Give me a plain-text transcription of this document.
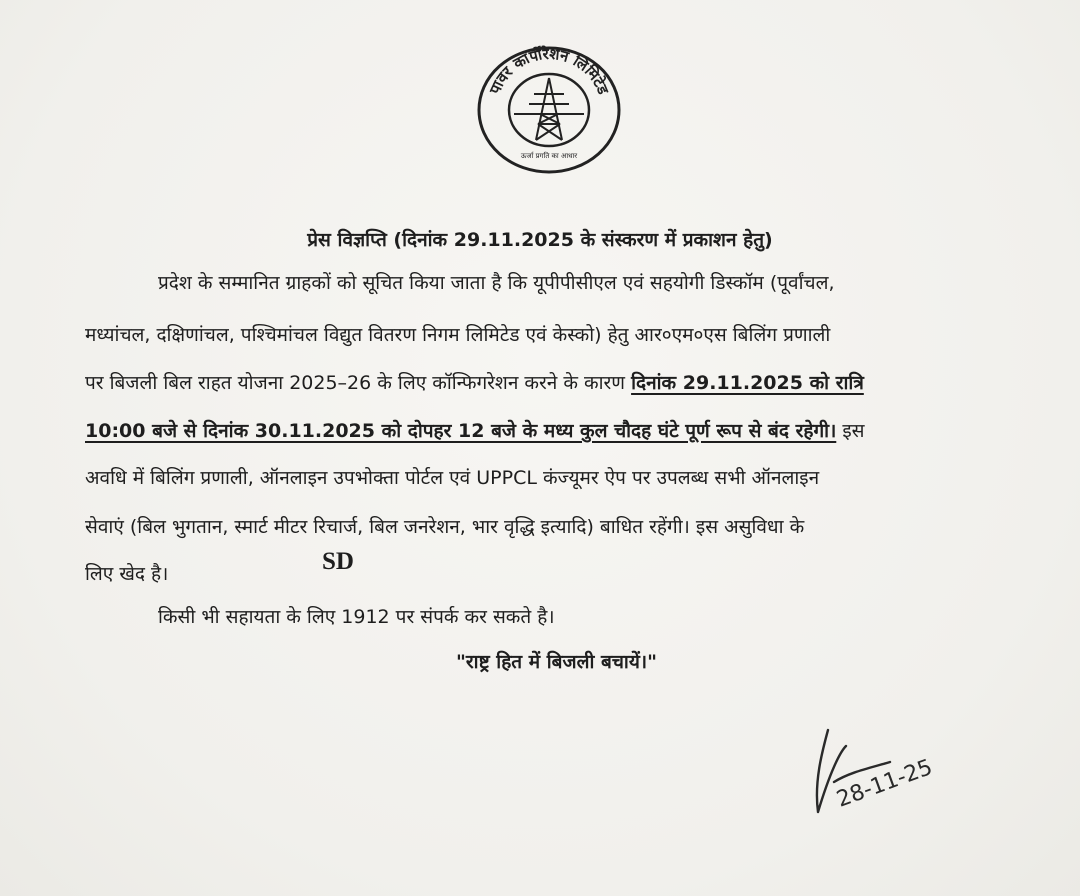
पावर कार्पोरेशन लिमिटेड
ऊर्जा प्रगति का आधार
प्रेस विज्ञप्ति (दिनांक 29.11.2025 के संस्करण में प्रकाशन हेतु)
प्रदेश के सम्मानित ग्राहकों को सूचित किया जाता है कि यूपीपीसीएल एवं सहयोगी डिस्कॉम (पूर्वांचल,
मध्यांचल, दक्षिणांचल, पश्चिमांचल विद्युत वितरण निगम लिमिटेड एवं केस्को) हेतु आर०एम०एस बिलिंग प्रणाली
पर बिजली बिल राहत योजना 2025–26 के लिए कॉन्फिगरेशन करने के कारण दिनांक 29.11.2025 को रात्रि
10:00 बजे से दिनांक 30.11.2025 को दोपहर 12 बजे के मध्य कुल चौदह घंटे पूर्ण रूप से बंद रहेगी। इस
अवधि में बिलिंग प्रणाली, ऑनलाइन उपभोक्ता पोर्टल एवं UPPCL कंज्यूमर ऐप पर उपलब्ध सभी ऑनलाइन
सेवाएं (बिल भुगतान, स्मार्ट मीटर रिचार्ज, बिल जनरेशन, भार वृद्धि इत्यादि) बाधित रहेंगी। इस असुविधा के
लिए खेद है।	SD
किसी भी सहायता के लिए 1912 पर संपर्क कर सकते है।
"राष्ट्र हित में बिजली बचायें।"
28-11-25
